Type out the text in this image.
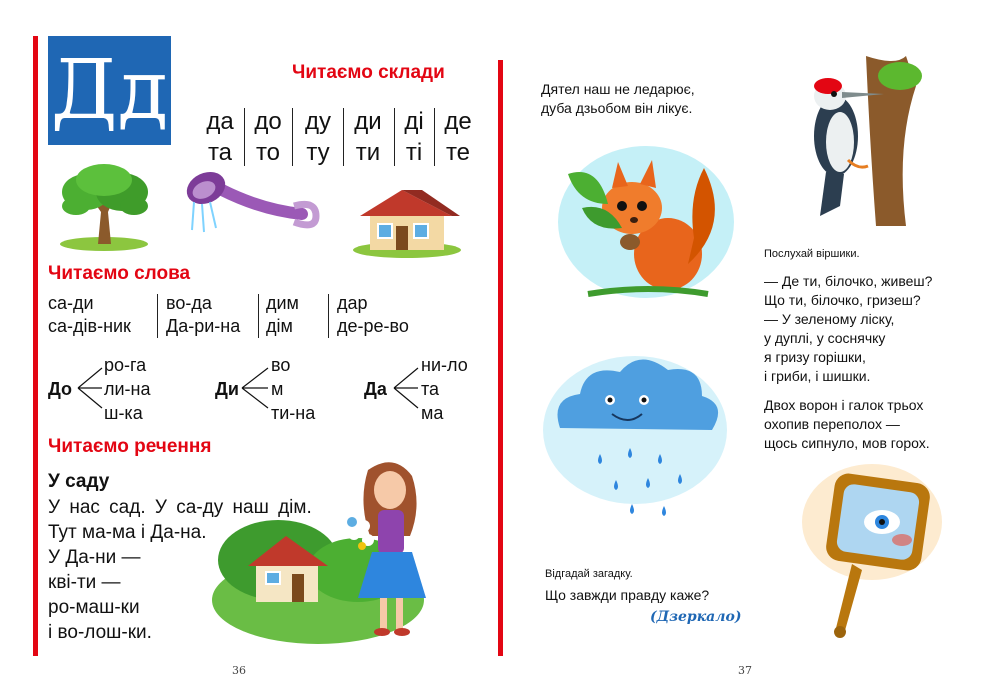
Дд	Читаємо склади
да
та
до
то
ду
ту
ди
ти
ді
ті
де
те
Читаємо слова
са-ди
са-дів-ник
во-да
Да-ри-на
дим
дім
дар
де-ре-во
До
ро-га
ли-на
ш-ка
Ди
во
м
ти-на
Да
ни-ло
та
ма
Читаємо речення
У саду
У нас сад. У са-ду наш дім.
Тут ма-ма і Да-на.
У Да-ни —
кві-ти —
ро-маш-ки
і во-лош-ки.
36
Дятел наш не ледарює,
дуба дзьобом він лікує.
Послухай віршики.
— Де ти, білочко, живеш?
Що ти, білочко, гризеш?
— У зеленому ліску,
у дуплі, у соснячку
я гризу горішки,
і гриби, і шишки.
Двох ворон і галок трьох
охопив переполох —
щось сипнуло, мов горох.
Відгадай загадку.
Що завжди правду каже?
(Дзеркало)
37
